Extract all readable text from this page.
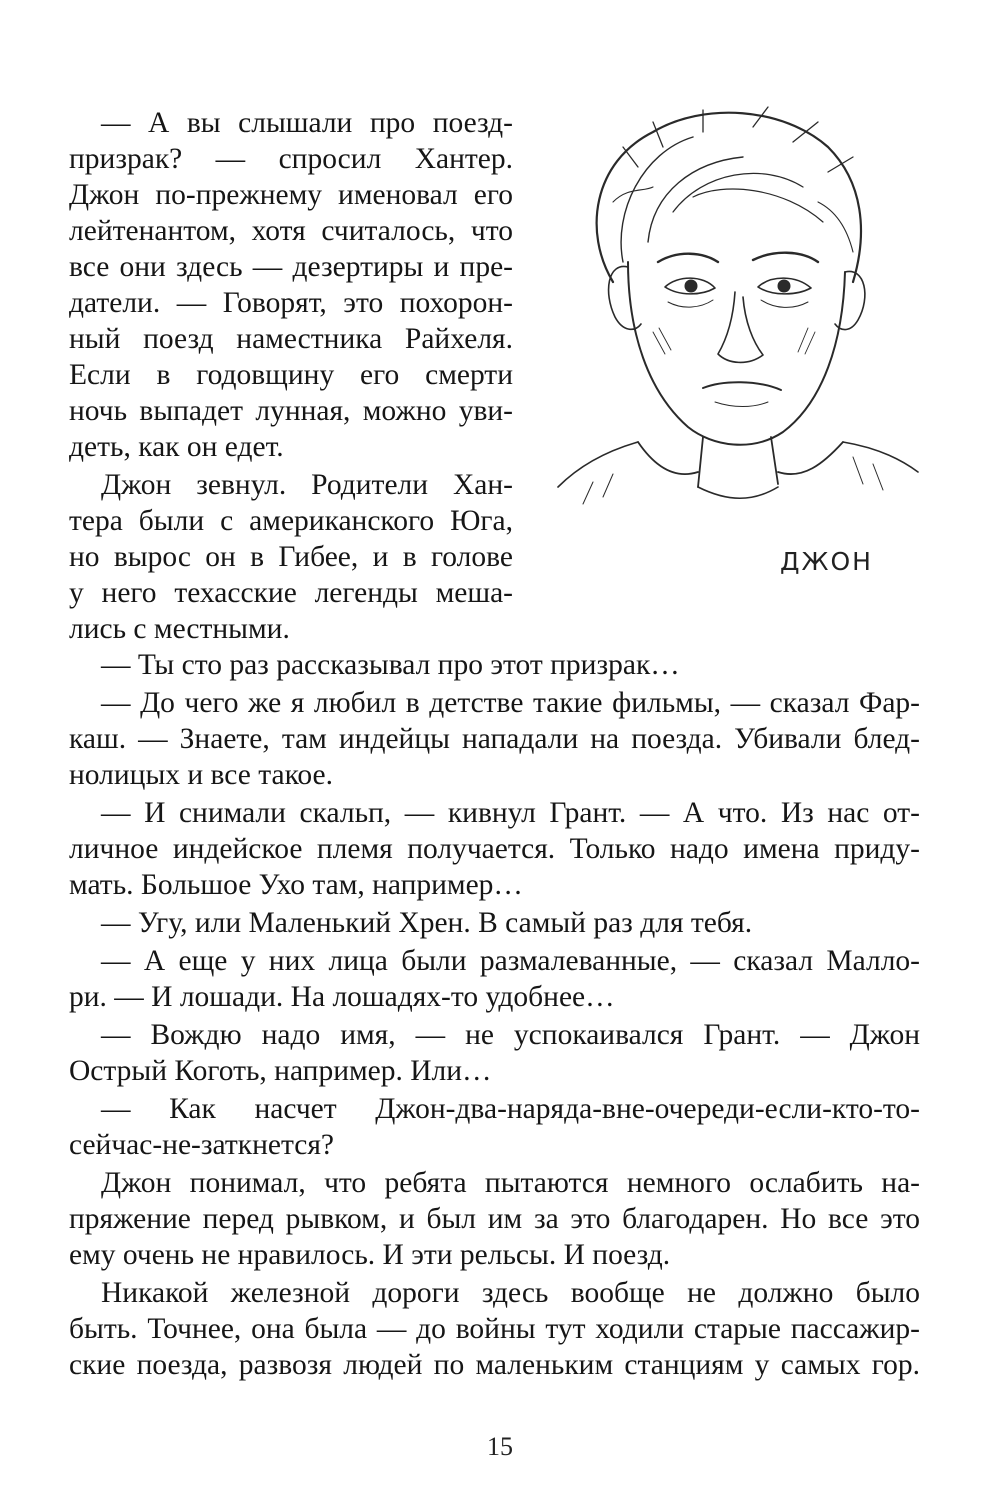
ДЖОН

— А вы слышали про поезд-

призрак? — спросил Хантер.

Джон по-прежнему именовал его

лейтенантом, хотя считалось, что

все они здесь — дезертиры и пре-

датели. — Говорят, это похорон-

ный поезд наместника Райхеля.

Если в годовщину его смерти

ночь выпадет лунная, можно уви-

деть, как он едет.

Джон зевнул. Родители Хан-

тера были с американского Юга,

но вырос он в Гибее, и в голове

у него техасские легенды меша-

лись с местными.

— Ты сто раз рассказывал про этот призрак…

— До чего же я любил в детстве такие фильмы, — сказал Фар-

каш. — Знаете, там индейцы нападали на поезда. Убивали блед-

нолицых и все такое.

— И снимали скальп, — кивнул Грант. — А что. Из нас от-

личное индейское племя получается. Только надо имена приду-

мать. Большое Ухо там, например…

— Угу, или Маленький Хрен. В самый раз для тебя.

— А еще у них лица были размалеванные, — сказал Малло-

ри. — И лошади. На лошадях-то удобнее…

— Вождю надо имя, — не успокаивался Грант. — Джон

Острый Коготь, например. Или…

— Как насчет Джон-два-наряда-вне-очереди-если-кто-то-

сейчас-не-заткнется?

Джон понимал, что ребята пытаются немного ослабить на-

пряжение перед рывком, и был им за это благодарен. Но все это

ему очень не нравилось. И эти рельсы. И поезд.

Никакой железной дороги здесь вообще не должно было

быть. Точнее, она была — до войны тут ходили старые пассажир-

ские поезда, развозя людей по маленьким станциям у самых гор.

15
